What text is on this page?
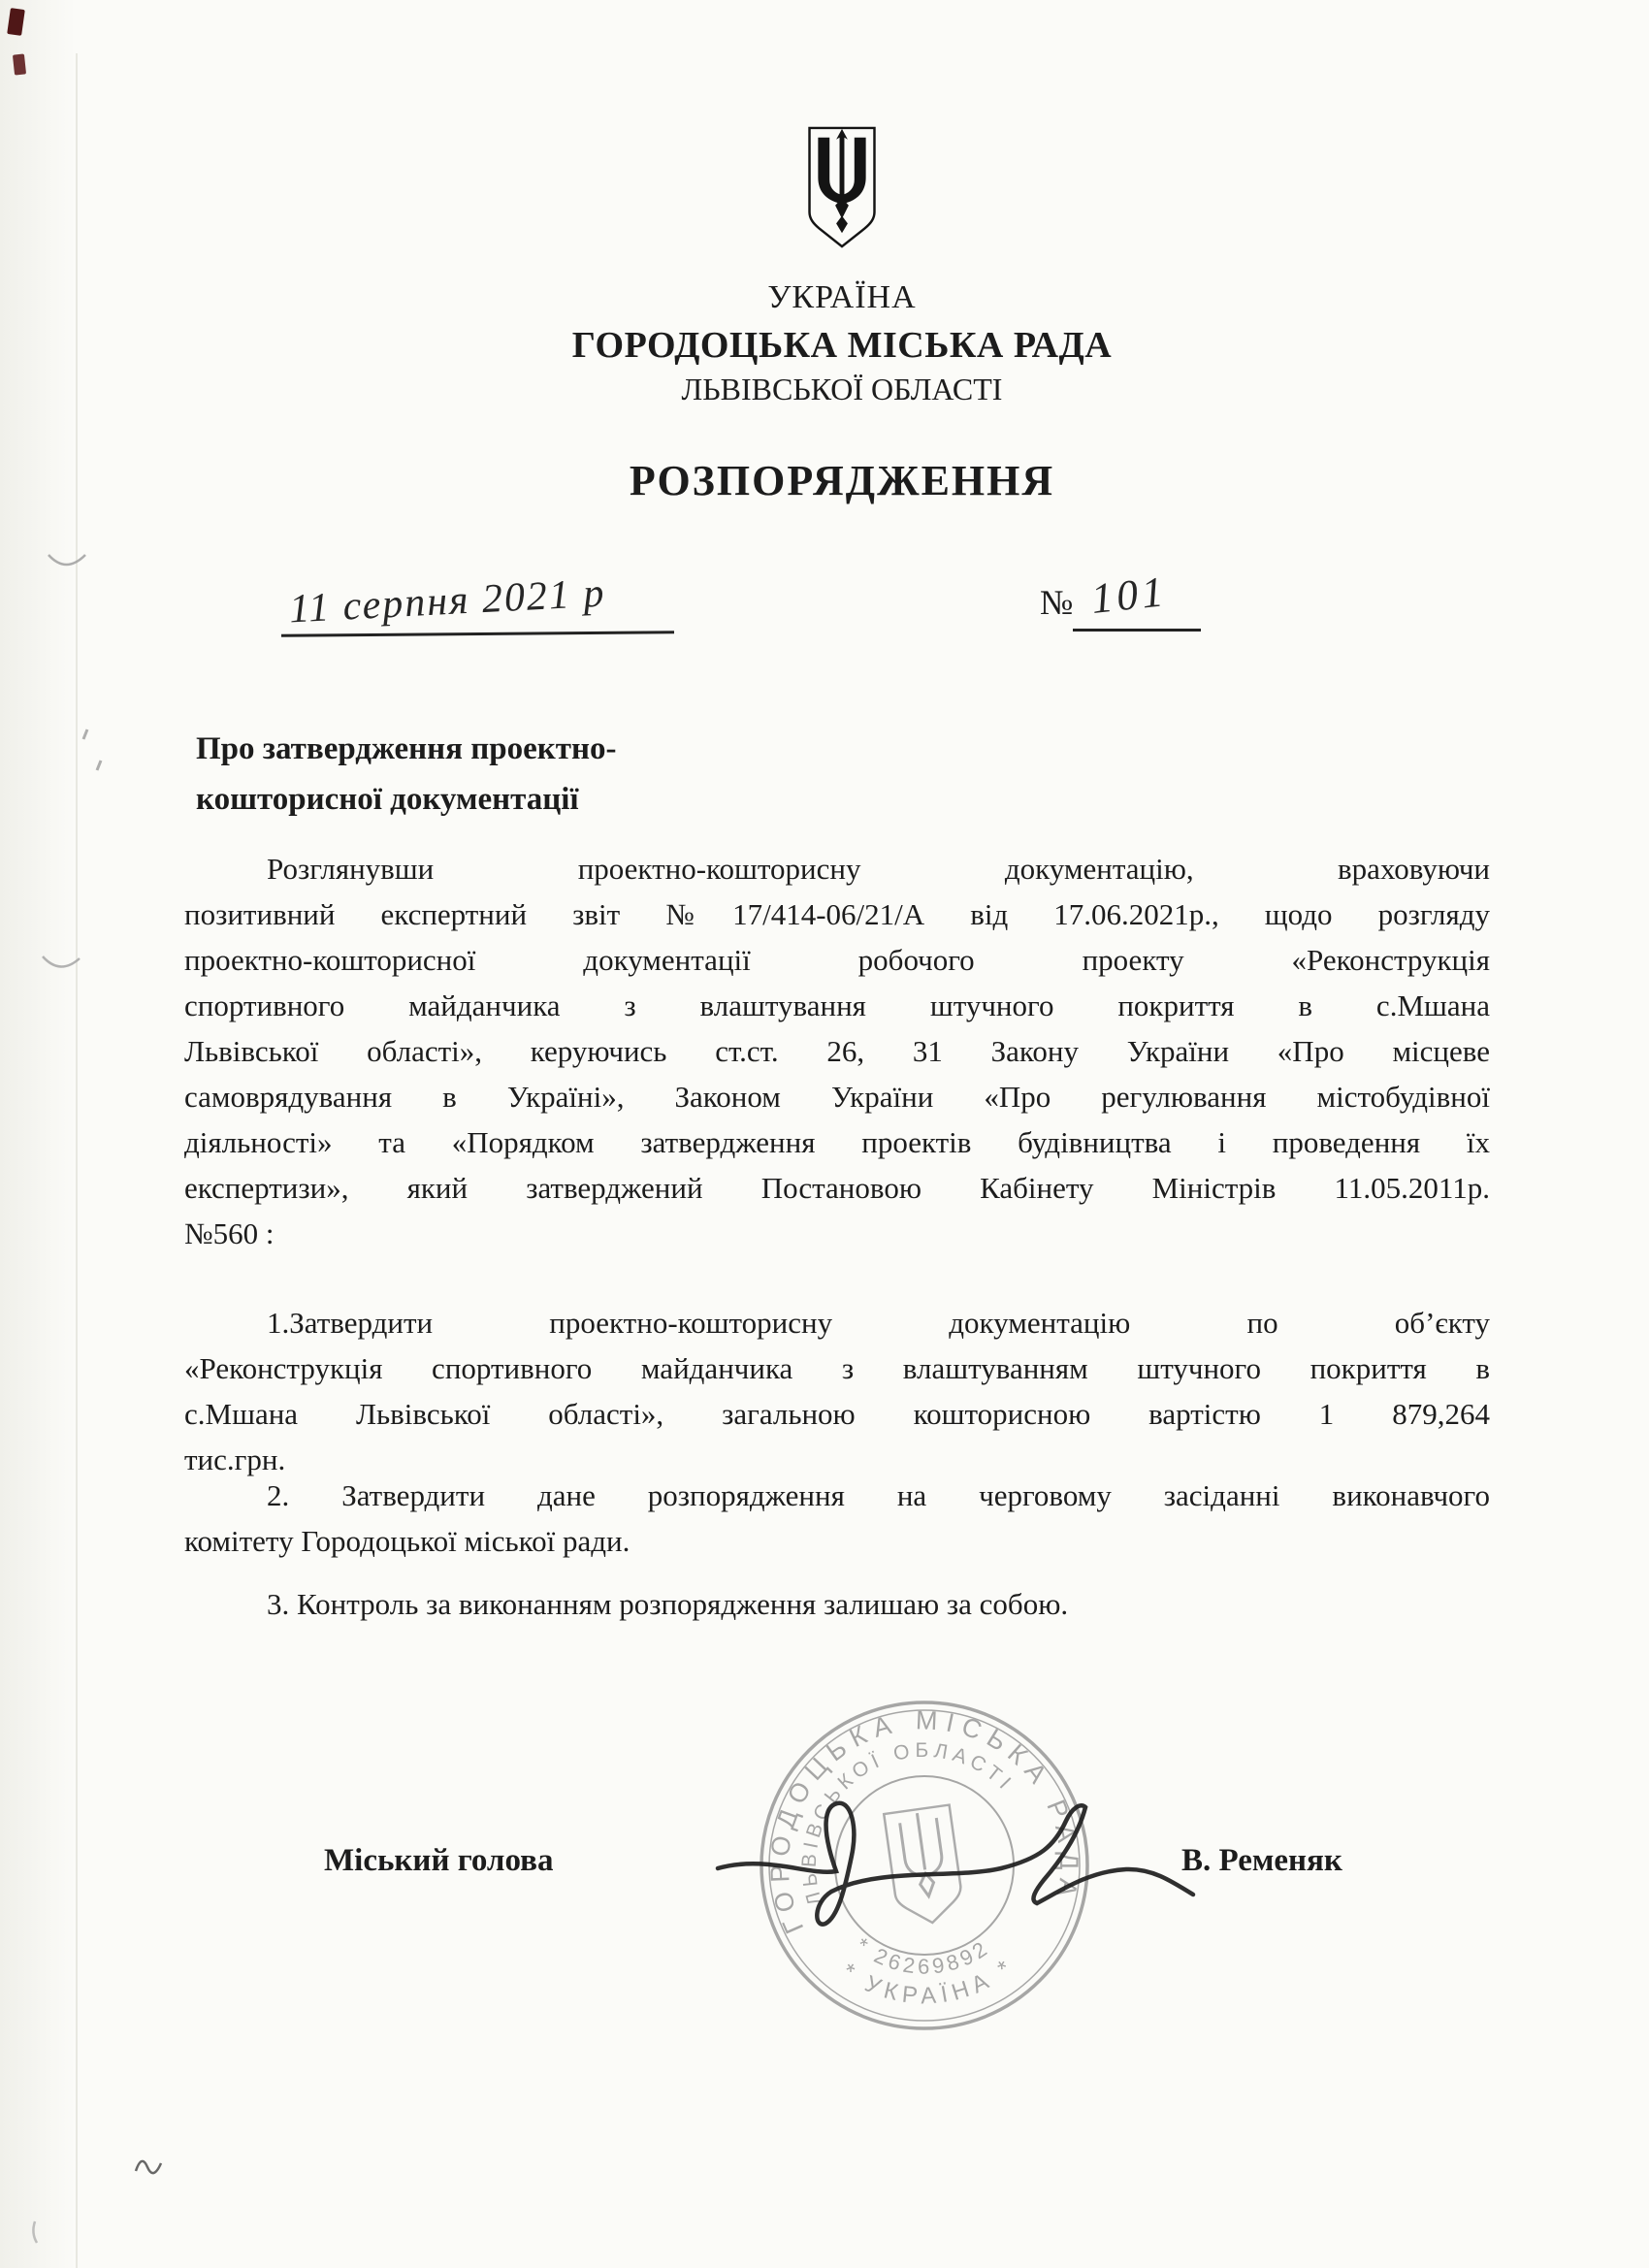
УКРАЇНА
ГОРОДОЦЬКА МІСЬКА РАДА
ЛЬВІВСЬКОЇ ОБЛАСТІ
РОЗПОРЯДЖЕННЯ
11 серпня 2021 р	№ 101
Про затвердження проектно-
кошторисної документації
Розглянувши проектно-кошторисну документацію, враховуючи
позитивний експертний звіт №17/414-06/21/А від 17.06.2021р., щодо розгляду
проектно-кошторисної документації робочого проекту «Реконструкція
спортивного майданчика з влаштування штучного покриття в с.Мшана
Львівської області», керуючись ст.ст. 26, 31 Закону України «Про місцеве
самоврядування в Україні», Законом України «Про регулювання містобудівної
діяльності» та «Порядком затвердження проектів будівництва і проведення їх
експертизи», який затверджений Постановою Кабінету Міністрів 11.05.2011р.
№560 :
1.Затвердити проектно-кошторисну документацію по об’єкту
«Реконструкція спортивного майданчика з влаштуванням штучного покриття в
с.Мшана Львівської області», загальною кошторисною вартістю 1 879,264
тис.грн.
2. Затвердити дане розпорядження на черговому засіданні виконавчого
комітету Городоцької міської ради.
3. Контроль за виконанням розпорядження залишаю за собою.
Міський голова	В. Ременяк
ГОРОДОЦЬКА МІСЬКА РАДА
ЛЬВІВСЬКОЇ ОБЛАСТІ
* УКРАЇНА *
* 26269892 *
